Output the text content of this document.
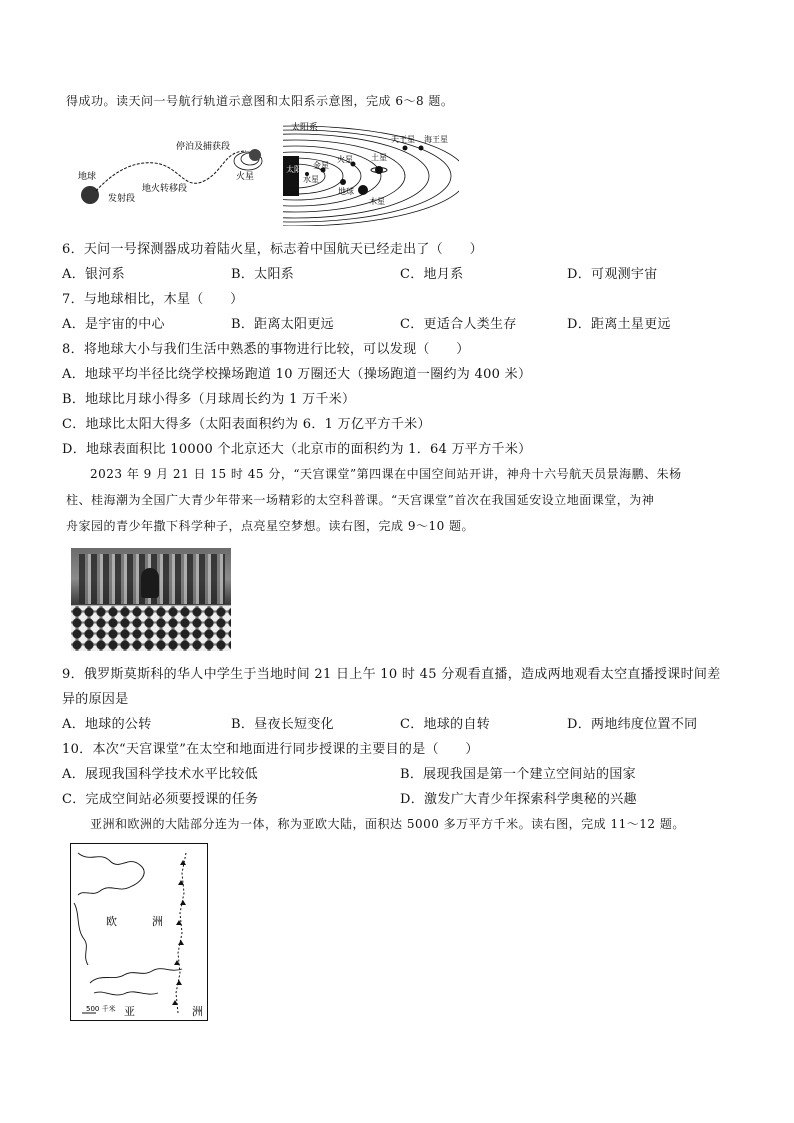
得成功。读天问一号航行轨道示意图和太阳系示意图，完成 6～8 题。
地球
发射段
地火转移段
停泊及捕获段
火星
太阳系
太阳 金星
水星
火星
地球
木星
土星
天王星 海王星
6．天问一号探测器成功着陆火星，标志着中国航天已经走出了（　　）
A．银河系	B．太阳系	C．地月系	D．可观测宇宙
7．与地球相比，木星（　　）
A．是宇宙的中心	B．距离太阳更远	C．更适合人类生存	D．距离土星更远
8．将地球大小与我们生活中熟悉的事物进行比较，可以发现（　　）
A．地球平均半径比绕学校操场跑道 10 万圈还大（操场跑道一圈约为 400 米）
B．地球比月球小得多（月球周长约为 1 万千米）
C．地球比太阳大得多（太阳表面积约为 6．1 万亿平方千米）
D．地球表面积比 10000 个北京还大（北京市的面积约为 1．64 万平方千米）
2023 年 9 月 21 日 15 时 45 分，“天宫课堂”第四课在中国空间站开讲，神舟十六号航天员景海鹏、朱杨
柱、桂海潮为全国广大青少年带来一场精彩的太空科普课。“天宫课堂”首次在我国延安设立地面课堂，为神
舟家园的青少年撒下科学种子，点亮星空梦想。读右图，完成 9～10 题。
9．俄罗斯莫斯科的华人中学生于当地时间 21 日上午 10 时 45 分观看直播，造成两地观看太空直播授课时间差
异的原因是
A．地球的公转	B．昼夜长短变化	C．地球的自转	D．两地纬度位置不同
10．本次“天宫课堂”在太空和地面进行同步授课的主要目的是（　　）
A．展现我国科学技术水平比较低	B．展现我国是第一个建立空间站的国家
C．完成空间站必须要授课的任务	D．激发广大青少年探索科学奥秘的兴趣
亚洲和欧洲的大陆部分连为一体，称为亚欧大陆，面积达 5000 多万平方千米。读右图，完成 11～12 题。
欧	洲
500 千米 亚	洲
